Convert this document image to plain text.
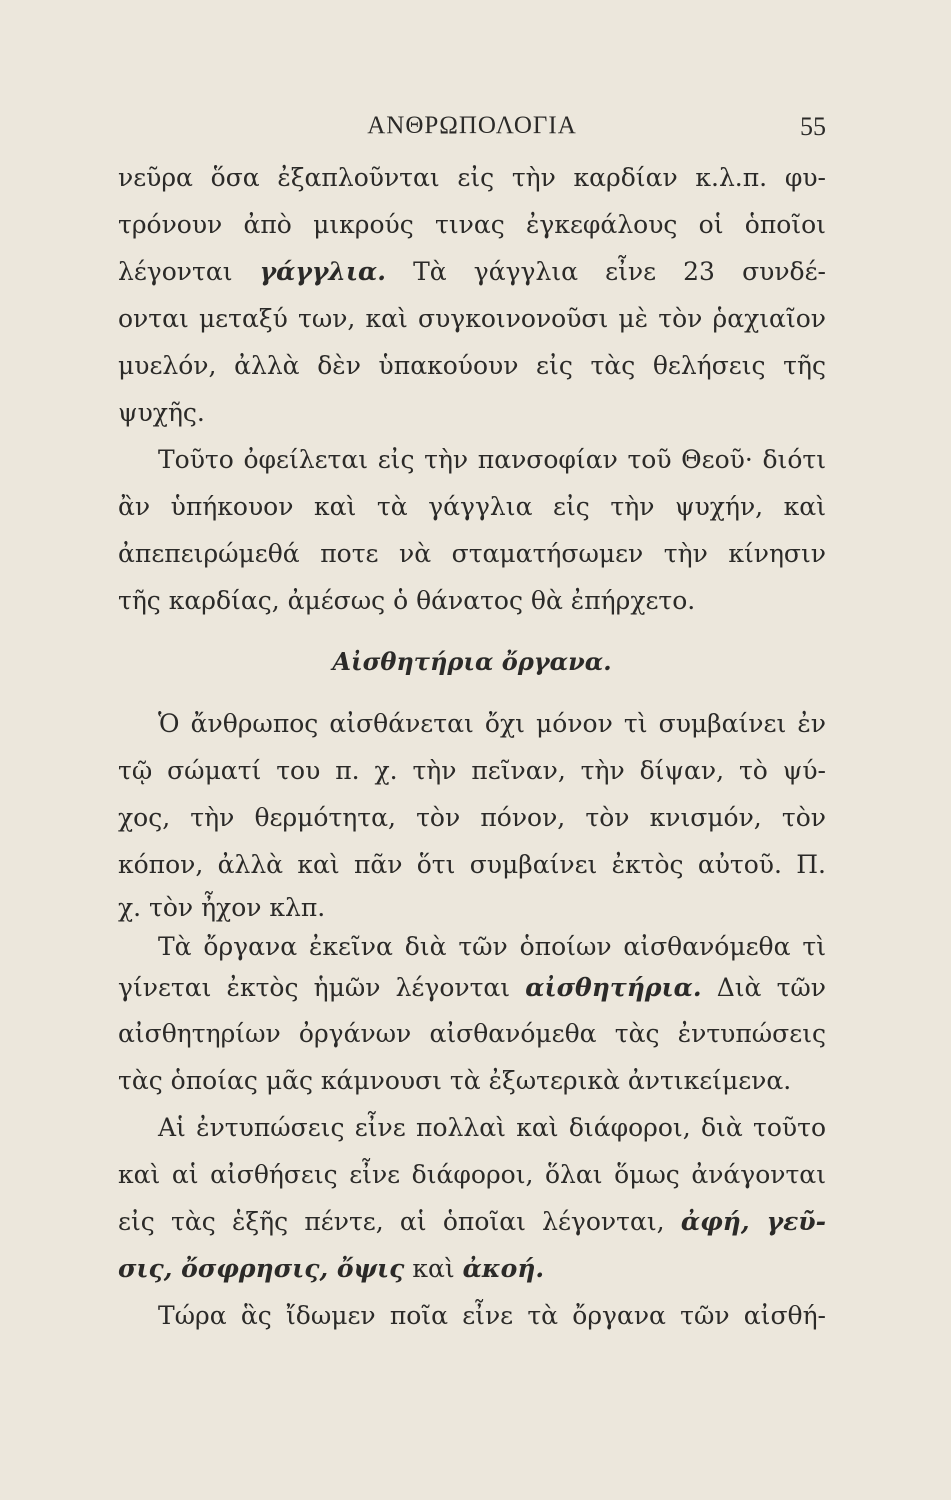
ΑΝΘΡΩΠΟΛΟΓΙΑ	55
νεῦρα ὅσα ἐξαπλοῦνται εἰς τὴν καρδίαν κ.λ.π. φυ-
τρόνουν ἀπὸ μικρούς τινας ἐγκεφάλους οἱ ὁποῖοι
λέγονται γάγγλια. Τὰ γάγγλια εἶνε 23 συνδέ-
ονται μεταξύ των, καὶ συγκοινονοῦσι μὲ τὸν ῥαχιαῖον
μυελόν, ἀλλὰ δὲν ὑπακούουν εἰς τὰς θελήσεις τῆς
ψυχῆς.
Τοῦτο ὀφείλεται εἰς τὴν πανσοφίαν τοῦ Θεοῦ· διότι
ἂν ὑπήκουον καὶ τὰ γάγγλια εἰς τὴν ψυχήν, καὶ
ἀπεπειρώμεθά ποτε νὰ σταματήσωμεν τὴν κίνησιν
τῆς καρδίας, ἀμέσως ὁ θάνατος θὰ ἐπήρχετο.
Αἰσθητήρια ὄργανα.
Ὁ ἄνθρωπος αἰσθάνεται ὄχι μόνον τὶ συμβαίνει ἐν
τῷ σώματί του π. χ. τὴν πεῖναν, τὴν δίψαν, τὸ ψύ-
χος, τὴν θερμότητα, τὸν πόνον, τὸν κνισμόν, τὸν
κόπον, ἀλλὰ καὶ πᾶν ὅτι συμβαίνει ἐκτὸς αὐτοῦ. Π.
χ. τὸν ἦχον κλπ.
Τὰ ὄργανα ἐκεῖνα διὰ τῶν ὁποίων αἰσθανόμεθα τὶ
γίνεται ἐκτὸς ἡμῶν λέγονται αἰσθητήρια. Διὰ τῶν
αἰσθητηρίων ὀργάνων αἰσθανόμεθα τὰς ἐντυπώσεις
τὰς ὁποίας μᾶς κάμνουσι τὰ ἐξωτερικὰ ἀντικείμενα.
Αἱ ἐντυπώσεις εἶνε πολλαὶ καὶ διάφοροι, διὰ τοῦτο
καὶ αἱ αἰσθήσεις εἶνε διάφοροι, ὅλαι ὅμως ἀνάγονται
εἰς τὰς ἑξῆς πέντε, αἱ ὁποῖαι λέγονται, ἀφή, γεῦ-
σις, ὄσφρησις, ὄψις καὶ ἀκοή.
Τώρα ἃς ἴδωμεν ποῖα εἶνε τὰ ὄργανα τῶν αἰσθή-
